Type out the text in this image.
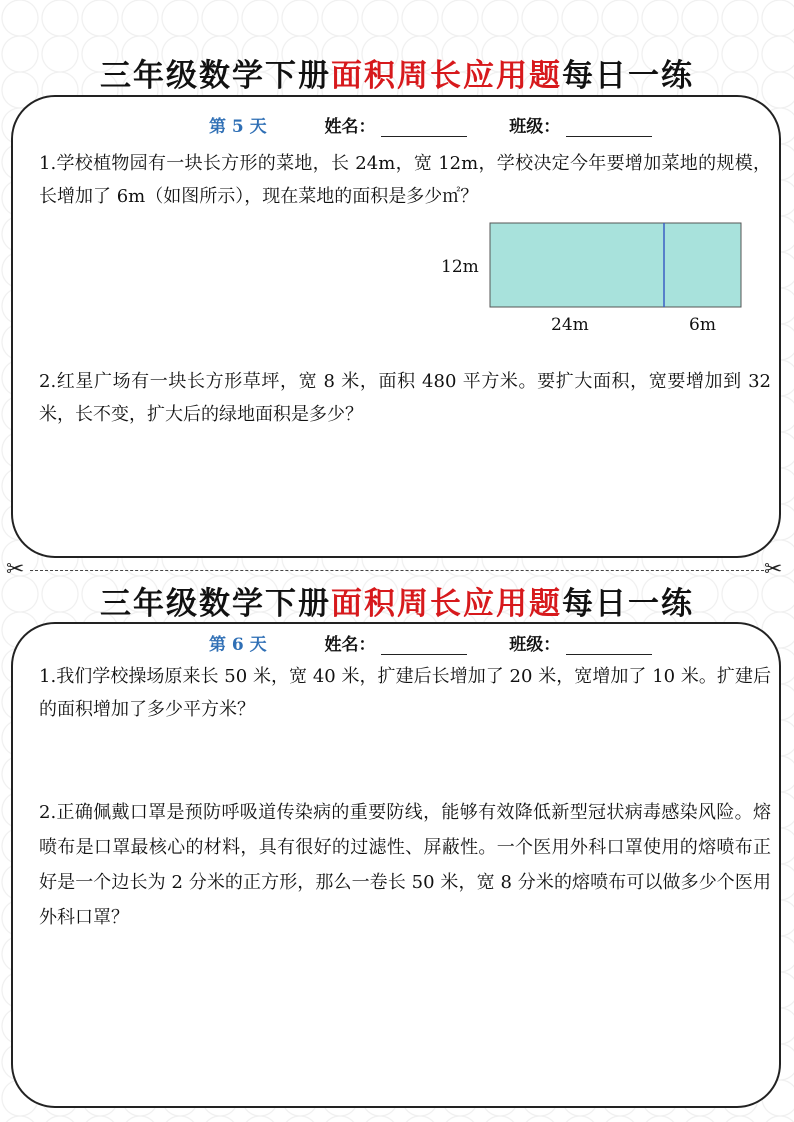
三年级数学下册面积周长应用题每日一练
第 5 天	姓名：	班级：
1.学校植物园有一块长方形的菜地，长 24m，宽 12m，学校决定今年要增加菜地的规模，长增加了 6m（如图所示），现在菜地的面积是多少㎡？
12m
24m	6m
2.红星广场有一块长方形草坪，宽 8 米，面积 480 平方米。要扩大面积，宽要增加到 32 米，长不变，扩大后的绿地面积是多少？
✂	✂
三年级数学下册面积周长应用题每日一练
第 6 天	姓名：	班级：
1.我们学校操场原来长 50 米，宽 40 米，扩建后长增加了 20 米，宽增加了 10 米。扩建后的面积增加了多少平方米？
2.正确佩戴口罩是预防呼吸道传染病的重要防线，能够有效降低新型冠状病毒感染风险。熔喷布是口罩最核心的材料，具有很好的过滤性、屏蔽性。一个医用外科口罩使用的熔喷布正好是一个边长为 2 分米的正方形，那么一卷长 50 米，宽 8 分米的熔喷布可以做多少个医用外科口罩？
